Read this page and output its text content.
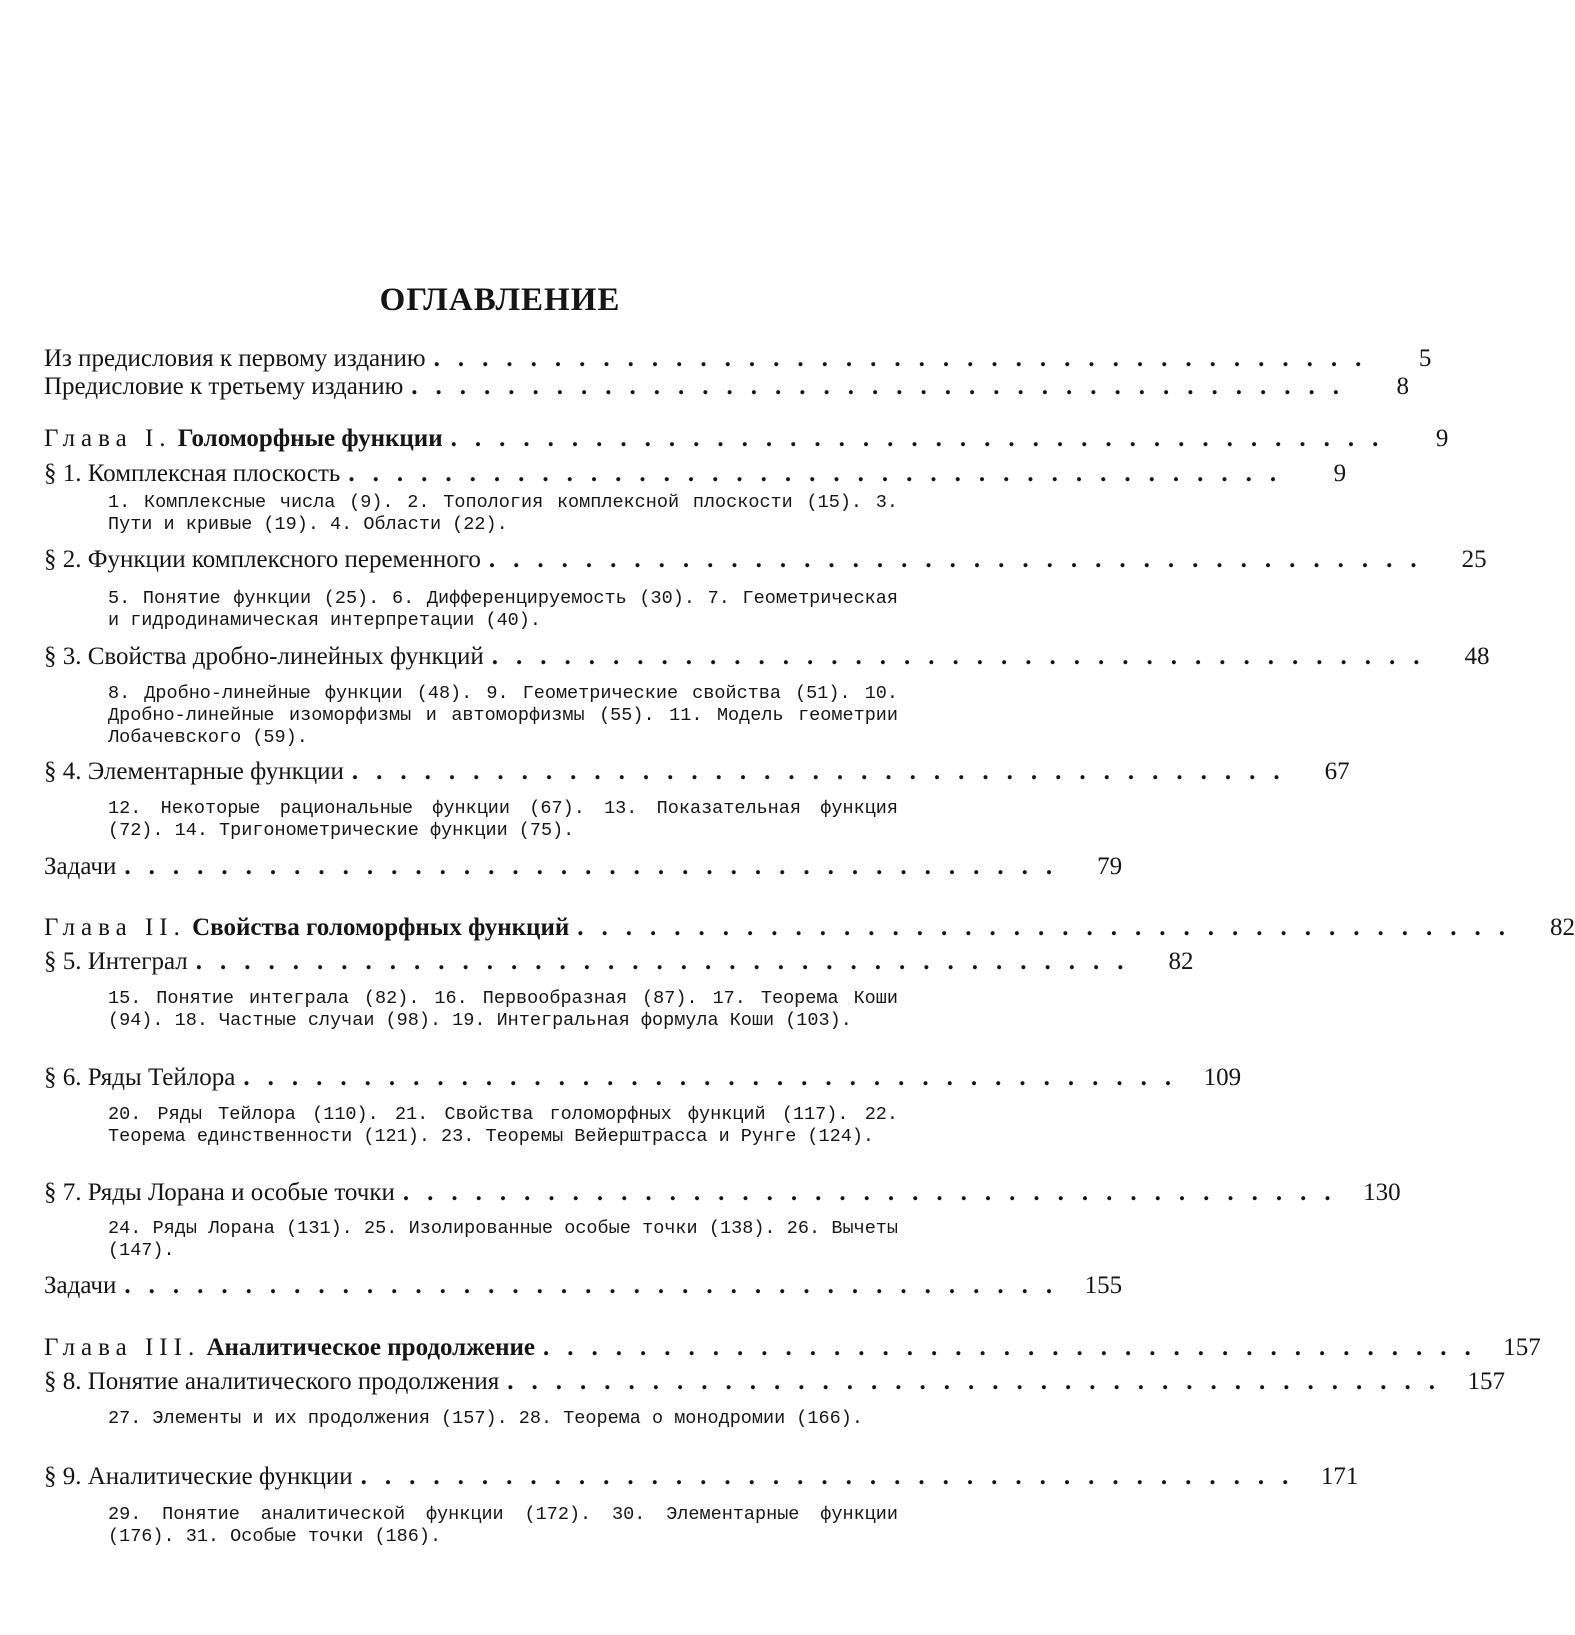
ОГЛАВЛЕНИЕ
Из предисловия к первому изданию .......................................	5
Предисловие к третьему изданию .......................................	8
Глава I. Голоморфные функции .......................................	9
§ 1. Комплексная плоскость .......................................	9
1. Комплексные числа (9). 2. Топология комплексной плоскости (15). 3. Пути и кривые (19). 4. Области (22).
§ 2. Функции комплексного переменного .......................................	25
5. Понятие функции (25). 6. Дифференцируемость (30). 7. Геометрическая и гидродинамическая интерпретации (40).
§ 3. Свойства дробно-линейных функций .......................................	48
8. Дробно-линейные функции (48). 9. Геометрические свойства (51). 10. Дробно-линейные изоморфизмы и автоморфизмы (55). 11. Модель геометрии Лобачевского (59).
§ 4. Элементарные функции .......................................	67
12. Некоторые рациональные функции (67). 13. Показательная функция (72). 14. Тригонометрические функции (75).
Задачи .......................................	79
Глава II. Свойства голоморфных функций .......................................	82
§ 5. Интеграл .......................................	82
15. Понятие интеграла (82). 16. Первообразная (87). 17. Теорема Коши (94). 18. Частные случаи (98). 19. Интегральная формула Коши (103).
§ 6. Ряды Тейлора ....................................... 109
20. Ряды Тейлора (110). 21. Свойства голоморфных функций (117). 22. Теорема единственности (121). 23. Теоремы Вейерштрасса и Рунге (124).
§ 7. Ряды Лорана и особые точки ....................................... 130
24. Ряды Лорана (131). 25. Изолированные особые точки (138). 26. Вычеты (147).
Задачи ....................................... 155
Глава III. Аналитическое продолжение ....................................... 157
§ 8. Понятие аналитического продолжения ....................................... 157
27. Элементы и их продолжения (157). 28. Теорема о монодромии (166).
§ 9. Аналитические функции ....................................... 171
29. Понятие аналитической функции (172). 30. Элементарные функции (176). 31. Особые точки (186).
